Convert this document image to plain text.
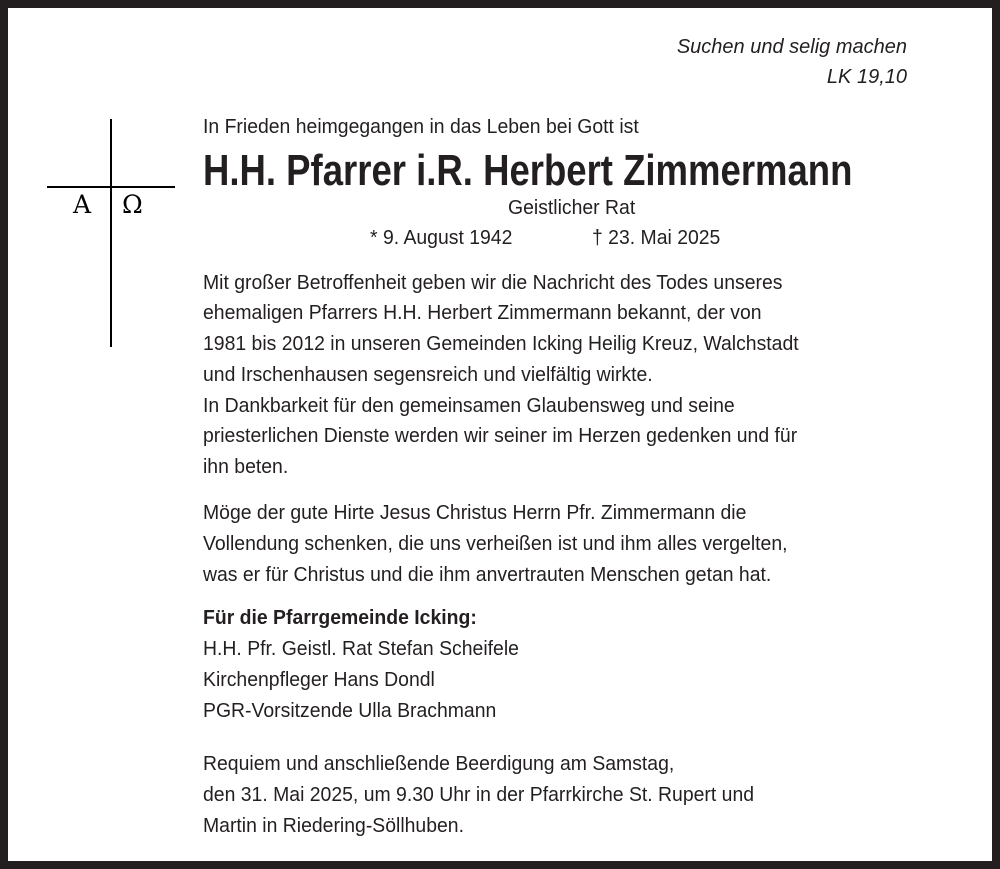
Suchen und selig machen
LK 19,10
A Ω
In Frieden heimgegangen in das Leben bei Gott ist
H.H. Pfarrer i.R. Herbert Zimmermann
Geistlicher Rat
* 9. August 1942	† 23. Mai 2025
Mit großer Betroffenheit geben wir die Nachricht des Todes unseres
ehemaligen Pfarrers H.H. Herbert Zimmermann bekannt, der von
1981 bis 2012 in unseren Gemeinden Icking Heilig Kreuz, Walchstadt
und Irschenhausen segensreich und vielfältig wirkte.
In Dankbarkeit für den gemeinsamen Glaubensweg und seine
priesterlichen Dienste werden wir seiner im Herzen gedenken und für
ihn beten.
Möge der gute Hirte Jesus Christus Herrn Pfr. Zimmermann die
Vollendung schenken, die uns verheißen ist und ihm alles vergelten,
was er für Christus und die ihm anvertrauten Menschen getan hat.
Für die Pfarrgemeinde Icking:
H.H. Pfr. Geistl. Rat Stefan Scheifele
Kirchenpfleger Hans Dondl
PGR-Vorsitzende Ulla Brachmann
Requiem und anschließende Beerdigung am Samstag,
den 31. Mai 2025, um 9.30 Uhr in der Pfarrkirche St. Rupert und
Martin in Riedering-Söllhuben.
